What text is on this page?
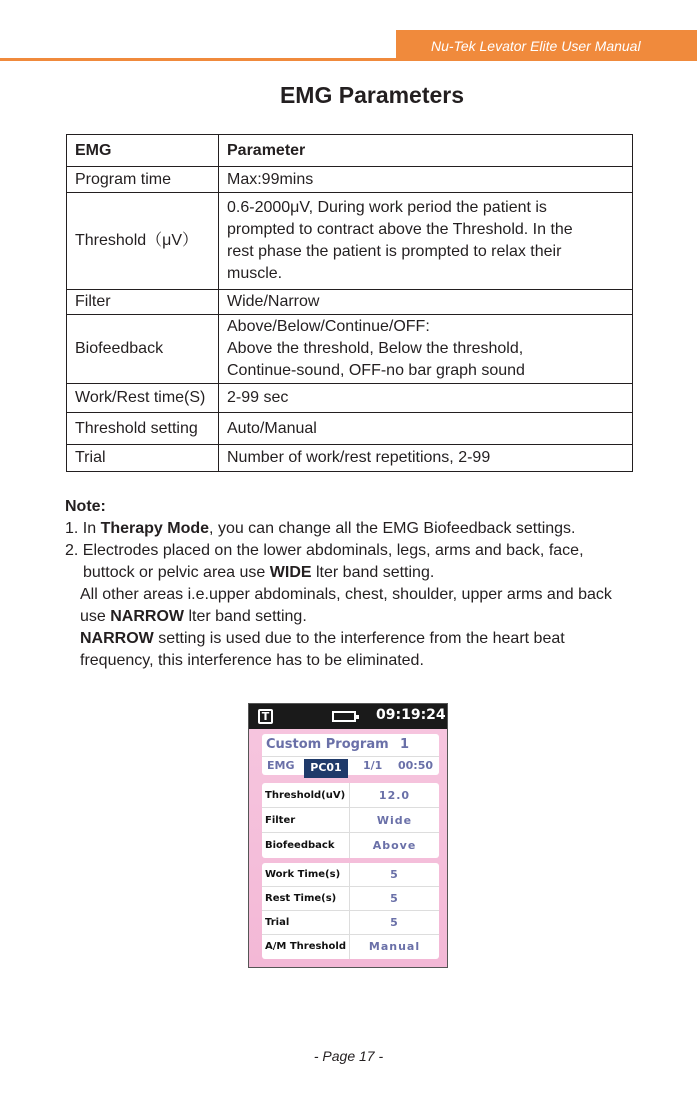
Nu-Tek Levator Elite User Manual
EMG Parameters
EMG	Parameter
Program time	Max:99mins

Threshold（μV）	0.6-2000μV, During work period the patient is
prompted to contract above the Threshold. In the
rest phase the patient is prompted to relax their
muscle.

Filter	Wide/Narrow

Biofeedback	Above/Below/Continue/OFF:
Above the threshold, Below the threshold,
Continue-sound, OFF-no bar graph sound

Work/Rest time(S)	2-99 sec

Threshold setting	Auto/Manual

Trial	Number of work/rest repetitions, 2-99

Note:

1. In Therapy Mode, you can change all the EMG Biofeedback settings.

2. Electrodes placed on the lower abdominals, legs, arms and back, face,

buttock or pelvic area use WIDE lter band setting.

All other areas i.e.upper abdominals, chest, shoulder, upper arms and back

use NARROW lter band setting.

NARROW setting is used due to the interference from the heart beat

frequency, this interference has to be eliminated.

T	09:19:24
Custom Program 1
EMG	PC01	1/1 00:50
Threshold(uV)	12.0
Filter	Wide
Biofeedback	Above
Work Time(s)	5
Rest Time(s)	5
Trial	5
A/M Threshold	Manual
- Page 17 -
